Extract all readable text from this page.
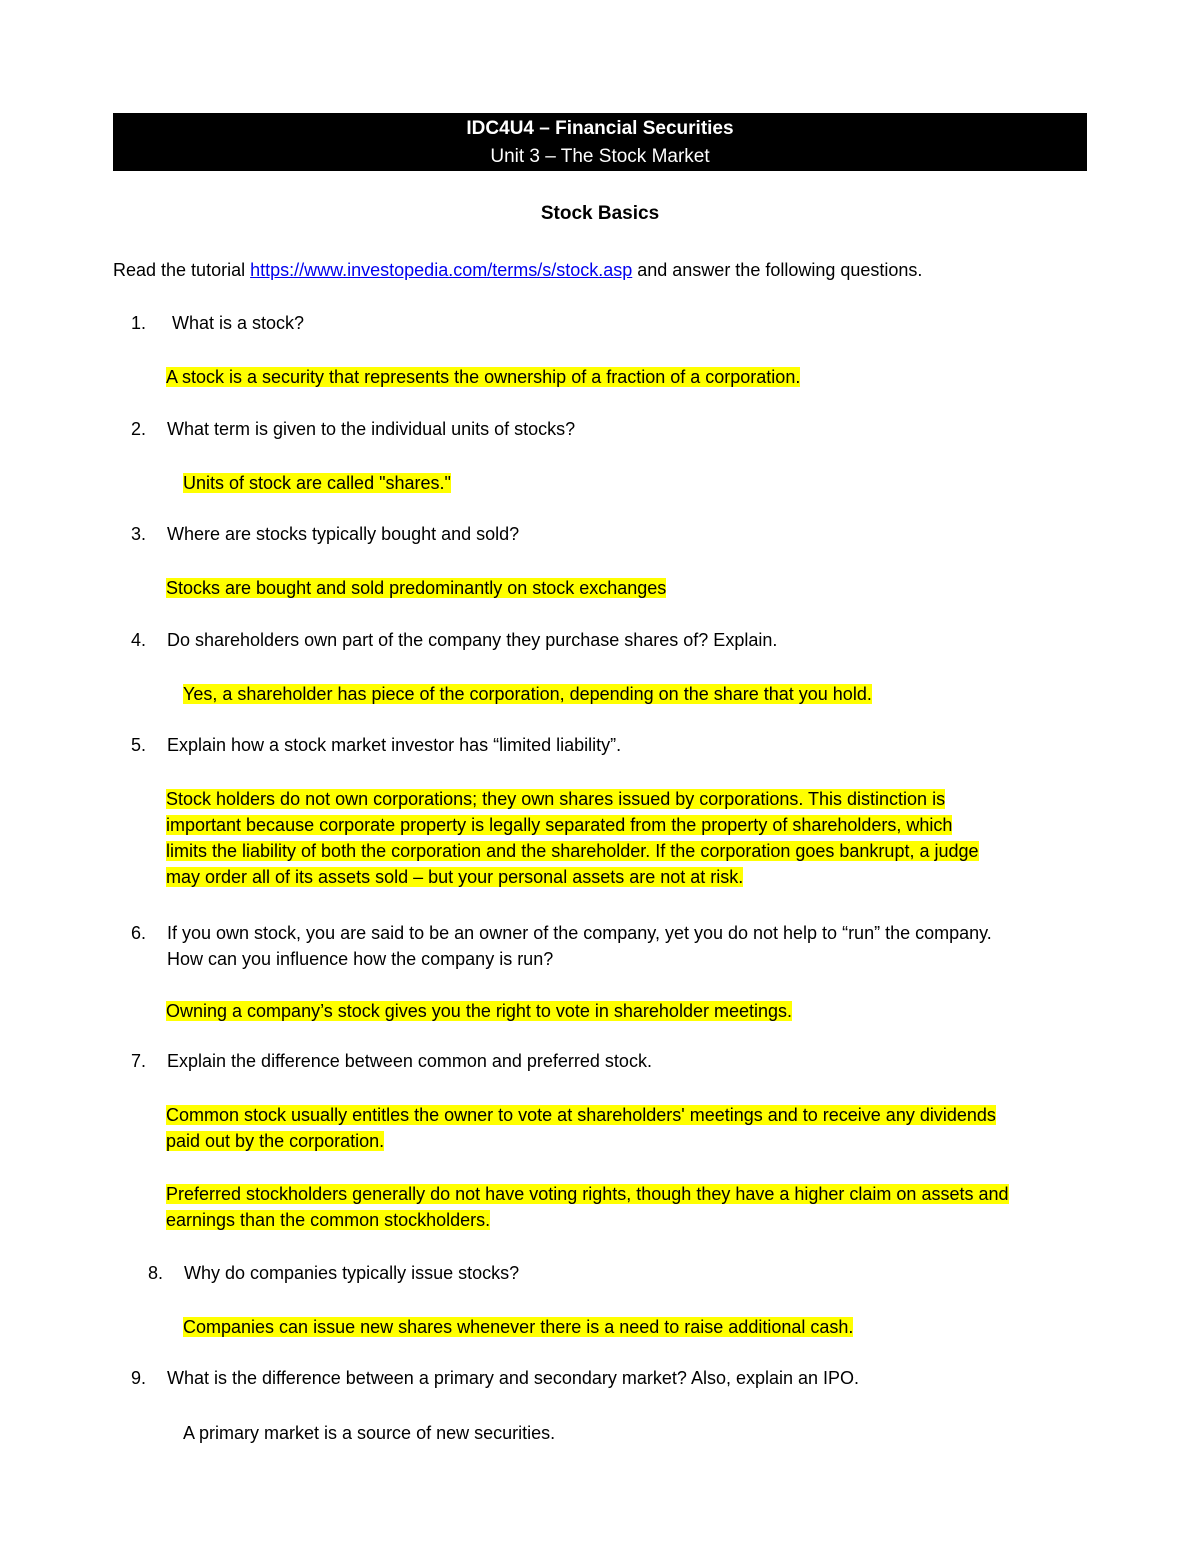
IDC4U4 – Financial Securities
Unit 3 – The Stock Market
Stock Basics
Read the tutorial https://www.investopedia.com/terms/s/stock.asp and answer the following questions.
1. What is a stock?
A stock is a security that represents the ownership of a fraction of a corporation.
2. What term is given to the individual units of stocks?
Units of stock are called "shares."
3. Where are stocks typically bought and sold?
Stocks are bought and sold predominantly on stock exchanges
4. Do shareholders own part of the company they purchase shares of? Explain.
Yes, a shareholder has piece of the corporation, depending on the share that you hold.
5. Explain how a stock market investor has “limited liability”.
Stock holders do not own corporations; they own shares issued by corporations. This distinction is
important because corporate property is legally separated from the property of shareholders, which
limits the liability of both the corporation and the shareholder. If the corporation goes bankrupt, a judge
may order all of its assets sold – but your personal assets are not at risk.
6. If you own stock, you are said to be an owner of the company, yet you do not help to “run” the company.
How can you influence how the company is run?
Owning a company’s stock gives you the right to vote in shareholder meetings.
7. Explain the difference between common and preferred stock.
Common stock usually entitles the owner to vote at shareholders' meetings and to receive any dividends
paid out by the corporation.
Preferred stockholders generally do not have voting rights, though they have a higher claim on assets and
earnings than the common stockholders.
8. Why do companies typically issue stocks?
Companies can issue new shares whenever there is a need to raise additional cash.
9. What is the difference between a primary and secondary market? Also, explain an IPO.
A primary market is a source of new securities.
